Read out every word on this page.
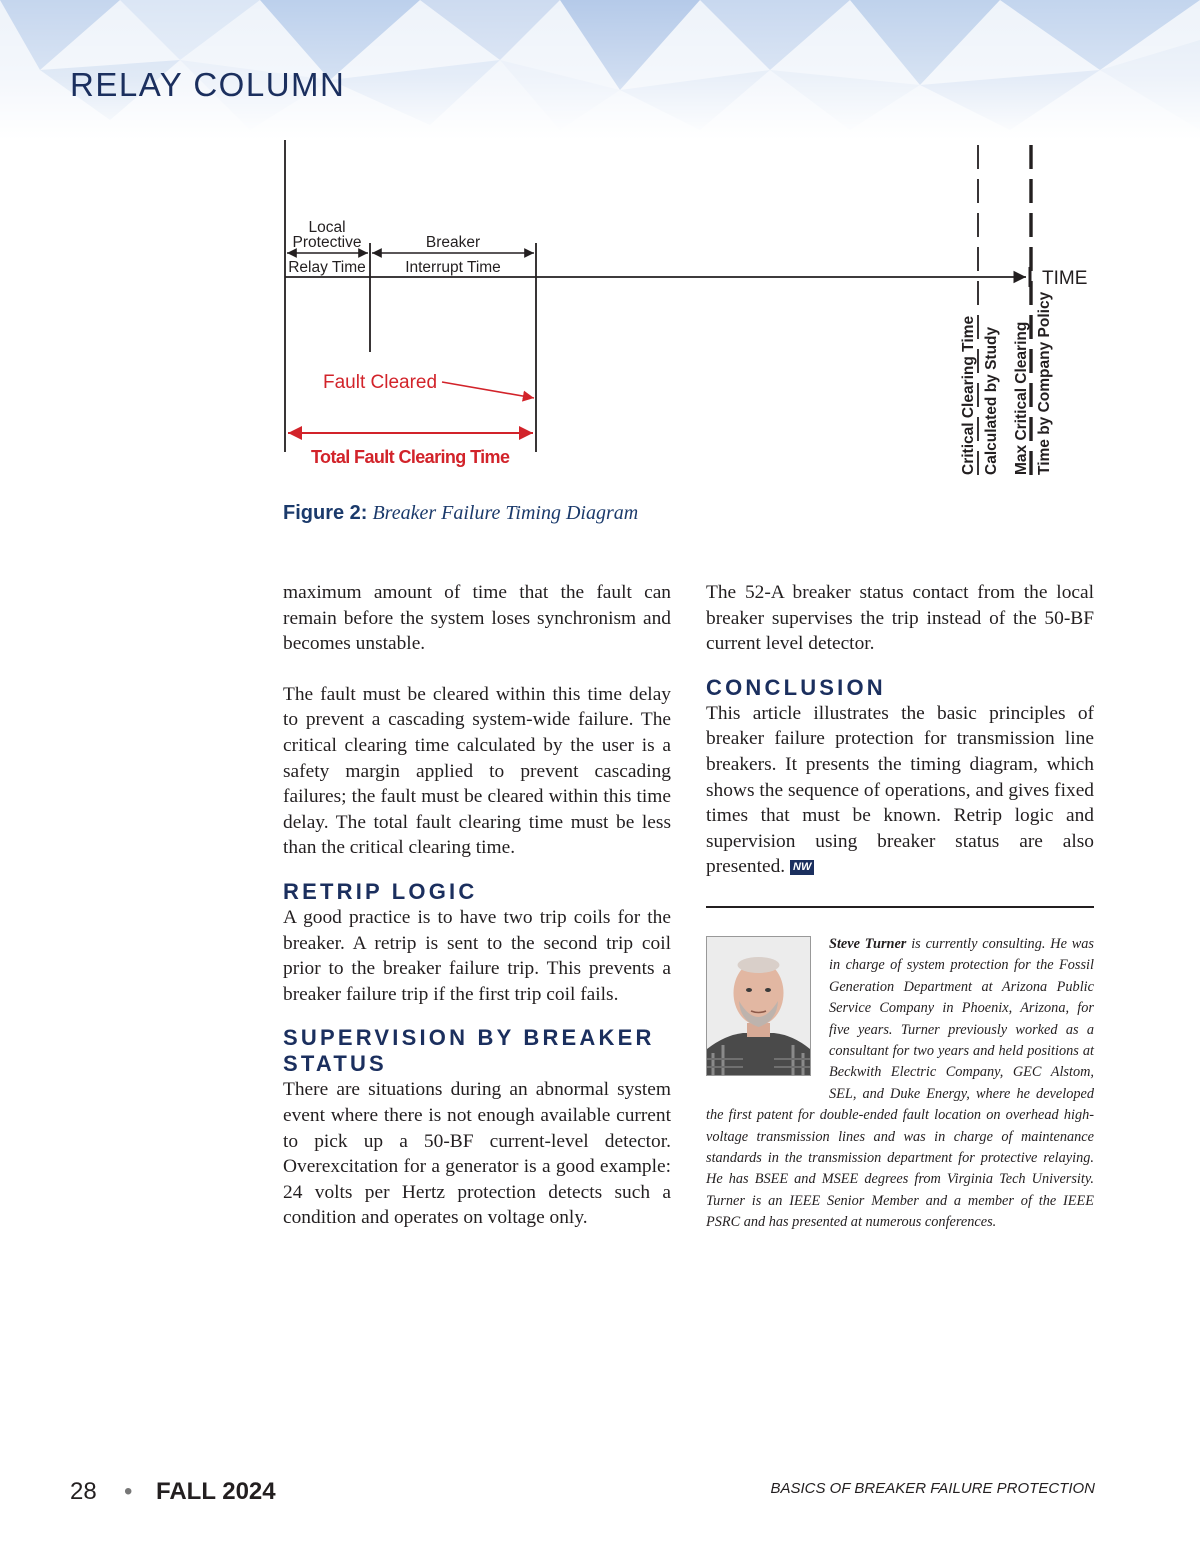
RELAY COLUMN
TIME
Local
Protective
Relay Time
Breaker
Interrupt Time
Fault Cleared
Total Fault Clearing Time	Critical Clearing Time Calculated by Study Max Critical Clearing Time by Company Policy

Figure 2: Breaker Failure Timing Diagram

maximum amount of time that the fault can remain before the system loses synchronism and becomes unstable.

The fault must be cleared within this time delay to prevent a cascading system-wide failure. The critical clearing time calculated by the user is a safety margin applied to prevent cascading failures; the fault must be cleared within this time delay. The total fault clearing time must be less than the critical clearing time.

RETRIP LOGIC

A good practice is to have two trip coils for the breaker. A retrip is sent to the second trip coil prior to the breaker failure trip. This prevents a breaker failure trip if the first trip coil fails.

SUPERVISION BY BREAKER STATUS

There are situations during an abnormal system event where there is not enough available current to pick up a 50-BF current-level detector. Overexcitation for a generator is a good example: 24 volts per Hertz protection detects such a condition and operates on voltage only.

The 52-A breaker status contact from the local breaker supervises the trip instead of the 50-BF current level detector.

CONCLUSION

This article illustrates the basic principles of breaker failure protection for transmission line breakers. It presents the timing diagram, which shows the sequence of operations, and gives fixed times that must be known. Retrip logic and supervision using breaker status are also presented. NW

Steve Turner is currently consulting. He was in charge of system protection for the Fossil Generation Department at Arizona Public Service Company in Phoenix, Arizona, for five years. Turner previously worked as a consultant for two years and held positions at Beckwith Electric Company, GEC Alstom, SEL, and Duke Energy, where he developed the first patent for double-ended fault location on overhead high-voltage transmission lines and was in charge of maintenance standards in the transmission department for protective relaying. He has BSEE and MSEE degrees from Virginia Tech University. Turner is an IEEE Senior Member and a member of the IEEE PSRC and has presented at numerous conferences.

28 • FALL 2024	BASICS OF BREAKER FAILURE PROTECTION
